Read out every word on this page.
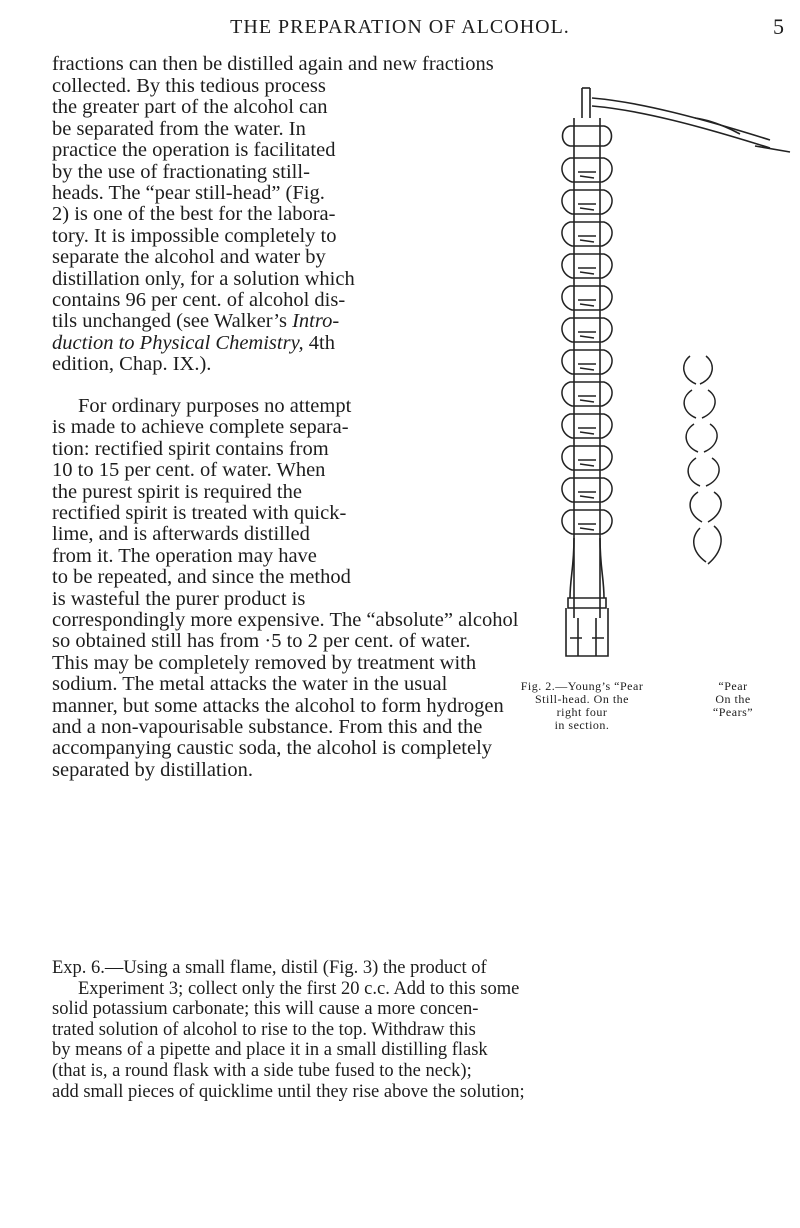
THE PREPARATION OF ALCOHOL.	5

fractions can then be distilled again and new fractions

collected. By this tedious process
the greater part of the alcohol can
be separated from the water. In
practice the operation is facilitated
by the use of fractionating still-
heads. The “pear still-head” (Fig.
2) is one of the best for the labora-
tory. It is impossible completely to
separate the alcohol and water by
distillation only, for a solution which
contains 96 per cent. of alcohol dis-
tils unchanged (see Walker’s Intro-
duction to Physical Chemistry, 4th
edition, Chap. IX.).

For ordinary purposes no attempt
is made to achieve complete separa-
tion: rectified spirit contains from
10 to 15 per cent. of water. When
the purest spirit is required the
rectified spirit is treated with quick-
lime, and is afterwards distilled
from it. The operation may have
to be repeated, and since the method
is wasteful the purer product is

correspondingly more expensive. The “absolute” alcohol
so obtained still has from ·5 to 2 per cent. of water.
This may be completely removed by treatment with
sodium. The metal attacks the water in the usual
manner, but some attacks the alcohol to form hydrogen
and a non-vapourisable substance. From this and the
accompanying caustic soda, the alcohol is completely
separated by distillation.

Fig. 2.—Young’s “Pear
Still-head. On the
right four
in section.
“Pear
On the
“Pears”

Exp. 6.—Using a small flame, distil (Fig. 3) the product of
Experiment 3; collect only the first 20 c.c. Add to this some
solid potassium carbonate; this will cause a more concen-
trated solution of alcohol to rise to the top. Withdraw this
by means of a pipette and place it in a small distilling flask
(that is, a round flask with a side tube fused to the neck);
add small pieces of quicklime until they rise above the solution;
